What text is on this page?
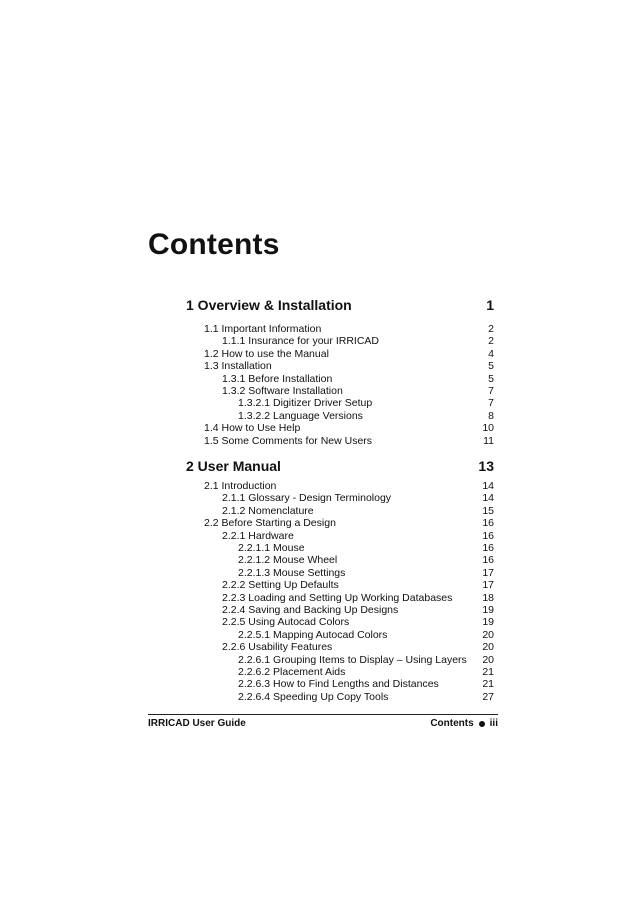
Contents
1 Overview & Installation	1
1.1 Important Information	2
1.1.1 Insurance for your IRRICAD	2
1.2 How to use the Manual	4
1.3 Installation	5
1.3.1 Before Installation	5
1.3.2 Software Installation	7
1.3.2.1 Digitizer Driver Setup	7
1.3.2.2 Language Versions	8
1.4 How to Use Help	10
1.5 Some Comments for New Users	11
2 User Manual	13
2.1 Introduction	14
2.1.1 Glossary - Design Terminology	14
2.1.2 Nomenclature	15
2.2 Before Starting a Design	16
2.2.1 Hardware	16
2.2.1.1 Mouse	16
2.2.1.2 Mouse Wheel	16
2.2.1.3 Mouse Settings	17
2.2.2 Setting Up Defaults	17
2.2.3 Loading and Setting Up Working Databases	18
2.2.4 Saving and Backing Up Designs	19
2.2.5 Using Autocad Colors	19
2.2.5.1 Mapping Autocad Colors	20
2.2.6 Usability Features	20
2.2.6.1 Grouping Items to Display – Using Layers 20
2.2.6.2 Placement Aids	21
2.2.6.3 How to Find Lengths and Distances	21
2.2.6.4 Speeding Up Copy Tools	27
IRRICAD User Guide	Contents iii
